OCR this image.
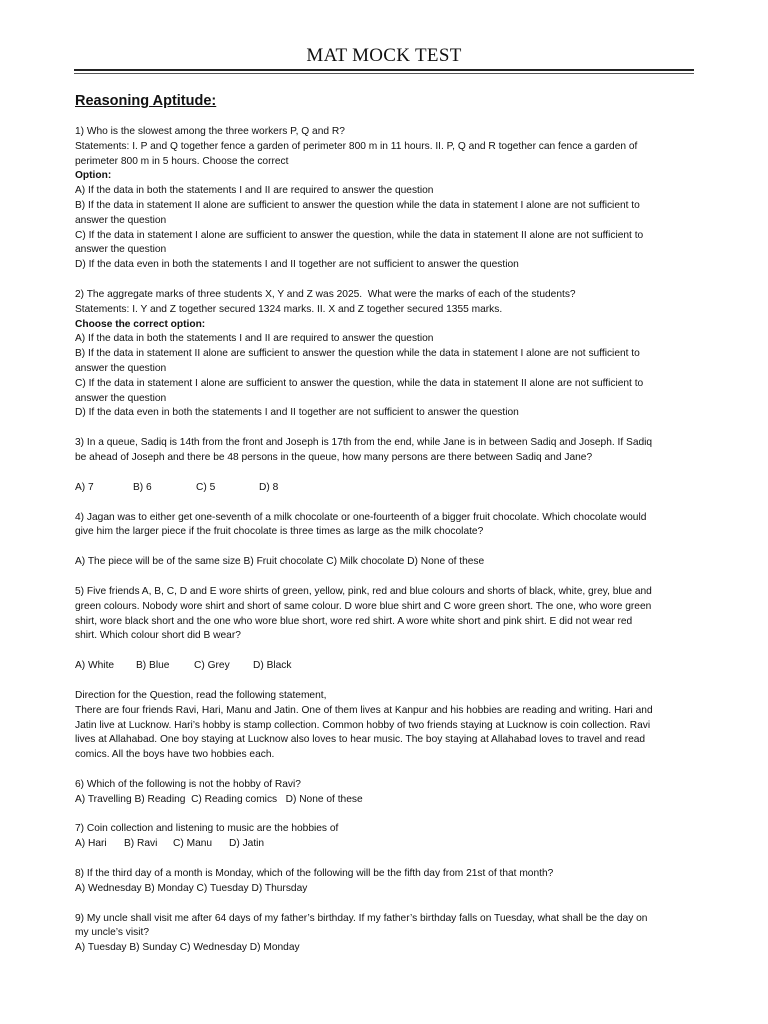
MAT MOCK TEST
Reasoning Aptitude:
1) Who is the slowest among the three workers P, Q and R?
Statements: I. P and Q together fence a garden of perimeter 800 m in 11 hours. II. P, Q and R together can fence a garden of
perimeter 800 m in 5 hours. Choose the correct
Option:
A) If the data in both the statements I and II are required to answer the question
B) If the data in statement II alone are sufficient to answer the question while the data in statement I alone are not sufficient to
answer the question
C) If the data in statement I alone are sufficient to answer the question, while the data in statement II alone are not sufficient to
answer the question
D) If the data even in both the statements I and II together are not sufficient to answer the question
2) The aggregate marks of three students X, Y and Z was 2025.  What were the marks of each of the students?
Statements: I. Y and Z together secured 1324 marks. II. X and Z together secured 1355 marks.
Choose the correct option:
A) If the data in both the statements I and II are required to answer the question
B) If the data in statement II alone are sufficient to answer the question while the data in statement I alone are not sufficient to
answer the question
C) If the data in statement I alone are sufficient to answer the question, while the data in statement II alone are not sufficient to
answer the question
D) If the data even in both the statements I and II together are not sufficient to answer the question
3) In a queue, Sadiq is 14th from the front and Joseph is 17th from the end, while Jane is in between Sadiq and Joseph. If Sadiq
be ahead of Joseph and there be 48 persons in the queue, how many persons are there between Sadiq and Jane?
A) 7	B) 6	C) 5	D) 8
4) Jagan was to either get one-seventh of a milk chocolate or one-fourteenth of a bigger fruit chocolate. Which chocolate would
give him the larger piece if the fruit chocolate is three times as large as the milk chocolate?
A) The piece will be of the same size B) Fruit chocolate C) Milk chocolate D) None of these
5) Five friends A, B, C, D and E wore shirts of green, yellow, pink, red and blue colours and shorts of black, white, grey, blue and
green colours. Nobody wore shirt and short of same colour. D wore blue shirt and C wore green short. The one, who wore green
shirt, wore black short and the one who wore blue short, wore red shirt. A wore white short and pink shirt. E did not wear red
shirt. Which colour short did B wear?
A) White B) Blue C) Grey D) Black
Direction for the Question, read the following statement,
There are four friends Ravi, Hari, Manu and Jatin. One of them lives at Kanpur and his hobbies are reading and writing. Hari and
Jatin live at Lucknow. Hari’s hobby is stamp collection. Common hobby of two friends staying at Lucknow is coin collection. Ravi
lives at Allahabad. One boy staying at Lucknow also loves to hear music. The boy staying at Allahabad loves to travel and read
comics. All the boys have two hobbies each.
6) Which of the following is not the hobby of Ravi?
A) Travelling B) Reading  C) Reading comics   D) None of these
7) Coin collection and listening to music are the hobbies of
A) Hari B) Ravi C) Manu D) Jatin
8) If the third day of a month is Monday, which of the following will be the fifth day from 21st of that month?
A) Wednesday B) Monday C) Tuesday D) Thursday
9) My uncle shall visit me after 64 days of my father’s birthday. If my father’s birthday falls on Tuesday, what shall be the day on
my uncle’s visit?
A) Tuesday B) Sunday C) Wednesday D) Monday
